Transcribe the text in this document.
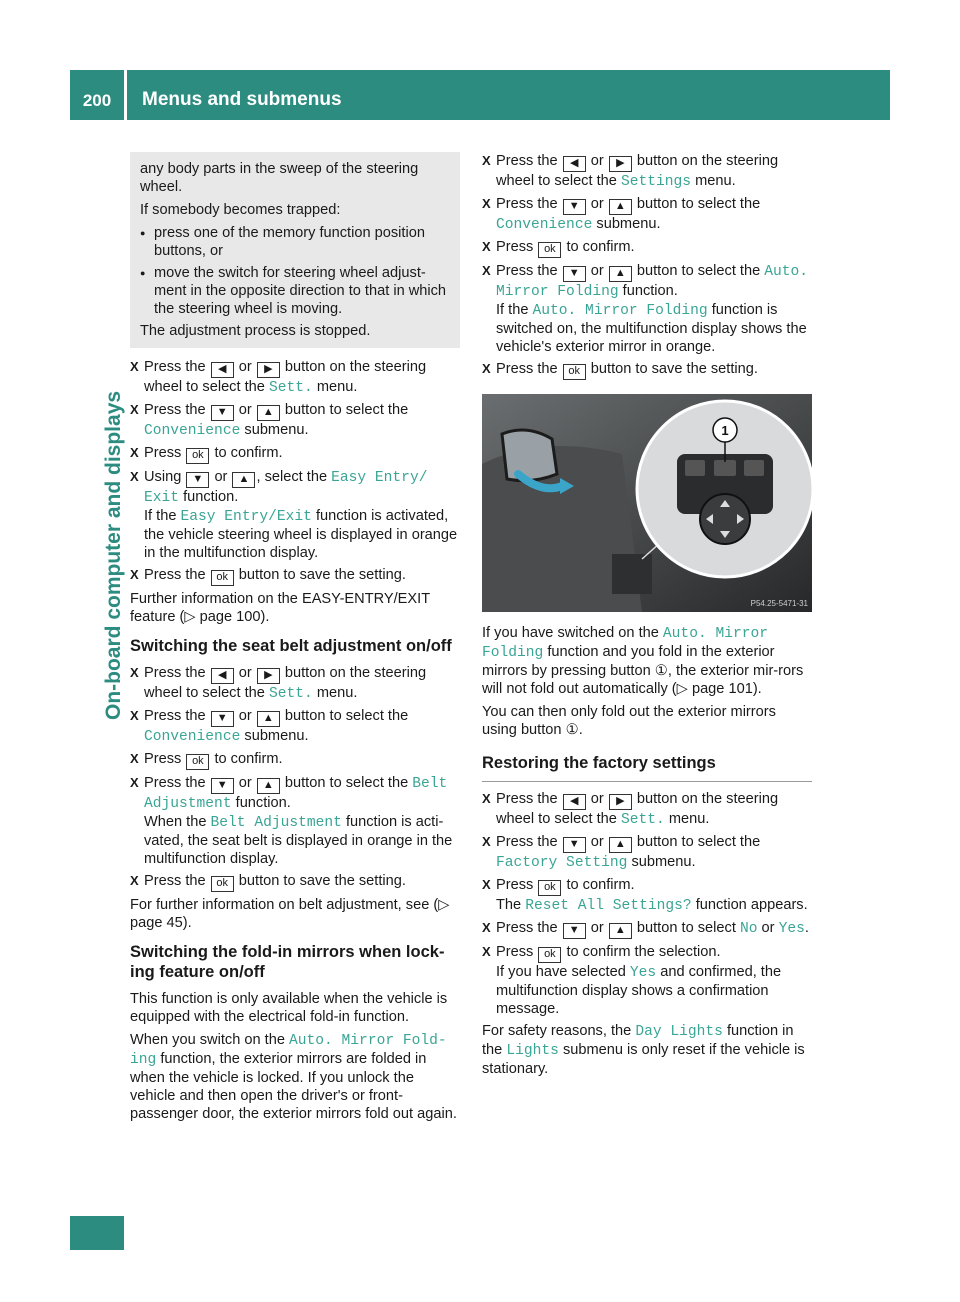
200	Menus and submenus
On-board computer and displays

any body parts in the sweep of the steering wheel.

If somebody becomes trapped:

● press one of the memory function position buttons, or
● move the switch for steering wheel adjust-ment in the opposite direction to that in which the steering wheel is moving.

The adjustment process is stopped.

X Press the ◀ or ▶ button on the steering wheel to select the Sett. menu.
X Press the ▼ or ▲ button to select the Convenience submenu.
X Press ok to confirm.
X Using ▼ or ▲ , select the Easy Entry/ Exit function.
If the Easy Entry/Exit function is activated, the vehicle steering wheel is displayed in orange in the multifunction display.
X Press the ok button to save the setting.

Further information on the EASY-ENTRY/EXIT feature (▷ page 100).

Switching the seat belt adjustment on/off
X Press the ◀ or ▶ button on the steering wheel to select the Sett. menu.
X Press the ▼ or ▲ button to select the Convenience submenu.
X Press ok to confirm.
X Press the ▼ or ▲ button to select the Belt Adjustment function.
When the Belt Adjustment function is acti-vated, the seat belt is displayed in orange in the multifunction display.
X Press the ok button to save the setting.

For further information on belt adjustment, see (▷ page 45).

Switching the fold-in mirrors when lock-ing feature on/off

This function is only available when the vehicle is equipped with the electrical fold-in function.

When you switch on the Auto. Mirror Fold-ing function, the exterior mirrors are folded in when the vehicle is locked. If you unlock the vehicle and then open the driver's or front-passenger door, the exterior mirrors fold out again.

X Press the ◀ or ▶ button on the steering wheel to select the Settings menu.
X Press the ▼ or ▲ button to select the Convenience submenu.
X Press ok to confirm.
X Press the ▼ or ▲ button to select the Auto. Mirror Folding function.
If the Auto. Mirror Folding function is switched on, the multifunction display shows the vehicle's exterior mirror in orange.
X Press the ok button to save the setting.
1
P54.25-5471-31

If you have switched on the Auto. Mirror Folding function and you fold in the exterior mirrors by pressing button ①, the exterior mir-rors will not fold out automatically (▷ page 101).

You can then only fold out the exterior mirrors using button ①.

Restoring the factory settings
X Press the ◀ or ▶ button on the steering wheel to select the Sett. menu.
X Press the ▼ or ▲ button to select the Factory Setting submenu.
X Press ok to confirm.
The Reset All Settings? function appears.
X Press the ▼ or ▲ button to select No or Yes.
X Press ok to confirm the selection.
If you have selected Yes and confirmed, the multifunction display shows a confirmation message.

For safety reasons, the Day Lights function in the Lights submenu is only reset if the vehicle is stationary.
